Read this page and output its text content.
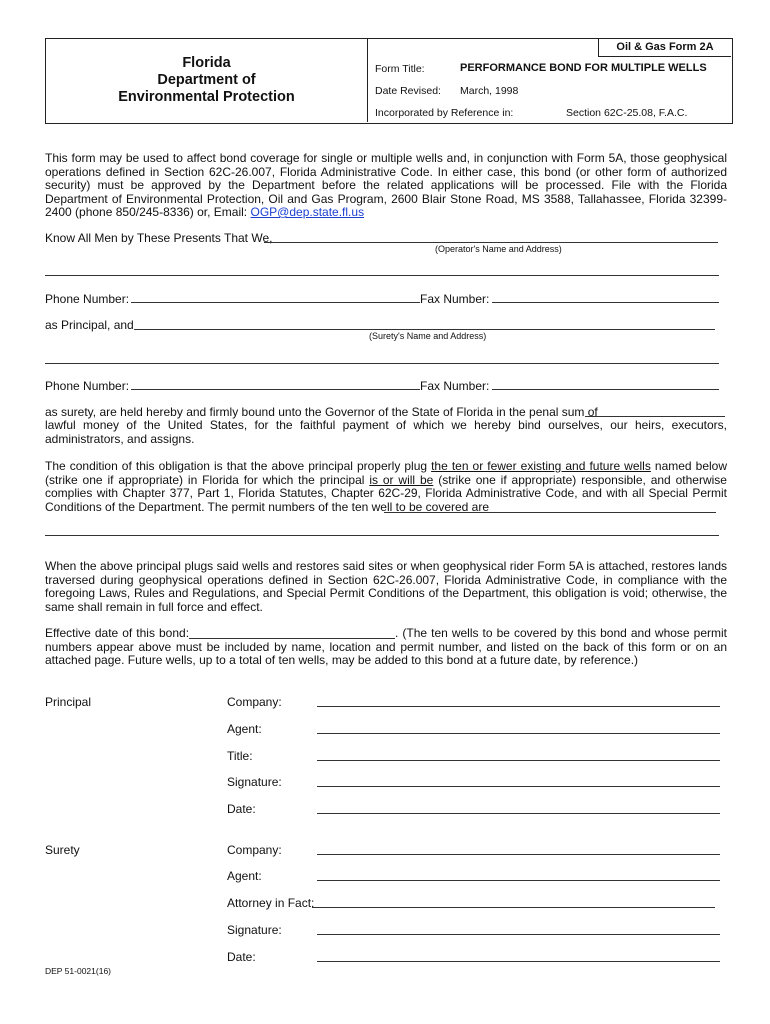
Florida
Department of
Environmental Protection
Oil & Gas Form 2A
Form Title:	PERFORMANCE BOND FOR MULTIPLE WELLS
Date Revised: March, 1998
Incorporated by Reference in:	Section 62C-25.08, F.A.C.
This form may be used to affect bond coverage for single or multiple wells and, in conjunction with Form 5A, those geophysical operations defined in Section 62C-26.007, Florida Administrative Code. In either case, this bond (or other form of authorized security) must be approved by the Department before the related applications will be processed. File with the Florida Department of Environmental Protection, Oil and Gas Program, 2600 Blair Stone Road, MS 3588, Tallahassee, Florida 32399-2400 (phone 850/245-8336) or, Email: OGP@dep.state.fl.us
Know All Men by These Presents That We,
(Operator's Name and Address)
Phone Number:	Fax Number:
as Principal, and
(Surety's Name and Address)
Phone Number:	Fax Number:
as surety, are held hereby and firmly bound unto the Governor of the State of Florida in the penal sum of
lawful money of the United States, for the faithful payment of which we hereby bind ourselves, our heirs, executors, administrators, and assigns.
The condition of this obligation is that the above principal properly plug the ten or fewer existing and future wells named below (strike one if appropriate) in Florida for which the principal is or will be (strike one if appropriate) responsible, and otherwise complies with Chapter 377, Part 1, Florida Statutes, Chapter 62C-29, Florida Administrative Code, and with all Special Permit Conditions of the Department. The permit numbers of the ten well to be covered are
When the above principal plugs said wells and restores said sites or when geophysical rider Form 5A is attached, restores lands traversed during geophysical operations defined in Section 62C-26.007, Florida Administrative Code, in compliance with the foregoing Laws, Rules and Regulations, and Special Permit Conditions of the Department, this obligation is void; otherwise, the same shall remain in full force and effect.
Effective date of this bond:	. (The ten wells to be covered by this bond and whose permit numbers appear above must be included by name, location and permit number, and listed on the back of this form or on an attached page. Future wells, up to a total of ten wells, may be added to this bond at a future date, by reference.)
Principal	Company:
Agent:
Title:
Signature:
Date:
Surety	Company:
Agent:
Attorney in Fact:
Signature:
Date:
DEP 51-0021(16)
